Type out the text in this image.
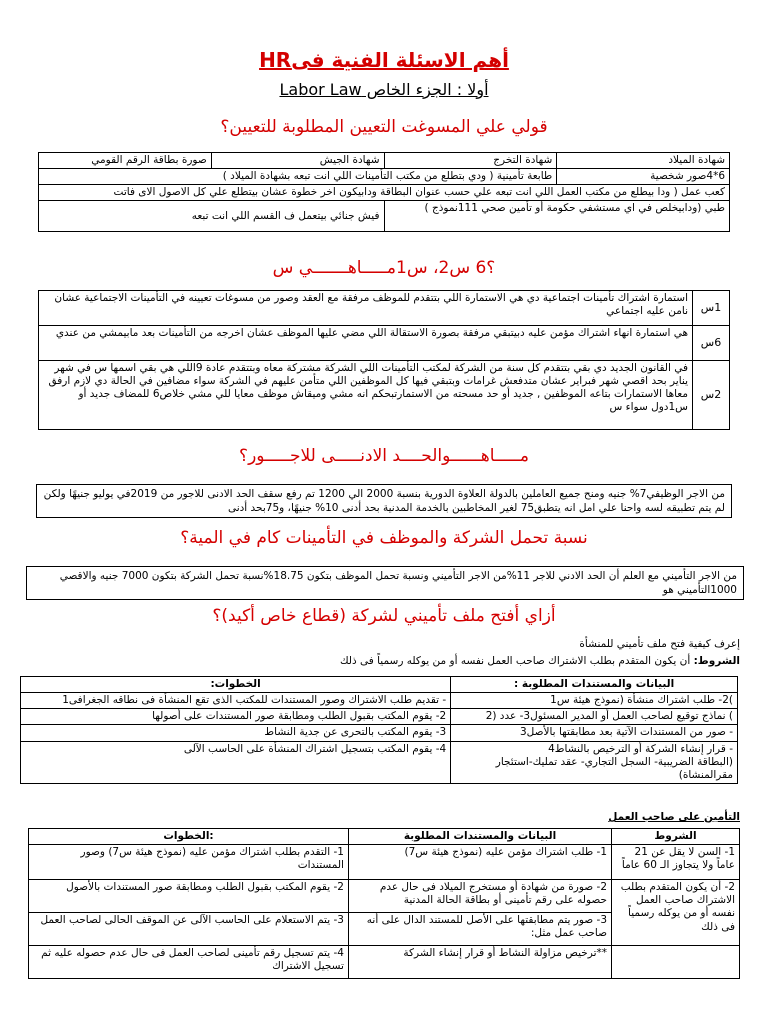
أهم الاسئلة الفنية فىHR
أولا : الجزء الخاص Labor Law
قولي علي المسوغت التعيين المطلوبة للتعيين؟
شهادة الميلاد	شهادة التخرج	شهادة الجيش	صورة بطاقة الرقم القومي
6*4صور شخصية	طابعة تأمينية ( ودي بتطلع من مكتب التأمينات اللي انت تبعه بشهادة الميلاد )		
كعب عمل ( ودا بيطلع من مكتب العمل اللي انت تبعه علي حسب عنوان البطاقة ودابيكون اخر خطوة عشان بيتطلع علي كل الاصول الاى فاتت			
طبي (ودابيخلص في اي مستشفي حكومة أو تأمين صحي 111نموذج )		فيش جنائي بيتعمل ف القسم اللي انت تبعه	
؟6 س2، س1مـــــاهـــــــي س
1س	استمارة اشتراك تأمينات اجتماعية دي هي الاستمارة اللي بتتقدم للموظف مرفقة مع العقد وصور من مسوغات تعيينه في التأمينات الاجتماعية عشان نامن عليه اجتماعي
6س	هي استمارة انهاء اشتراك مؤمن عليه دبيتبقي مرفقة بصورة الاستقالة اللي مضي عليها الموظف عشان اخرجه من التأمينات بعد مابيمشي من عندي
2س	في القانون الجديد دي بقي بتتقدم كل سنة من الشركة لمكتب التأمينات اللي الشركة مشتركة معاه وبتتقدم عادة 9اللي هي بقي اسمها س في شهر يناير بحد اقصي شهر فبراير عشان متدفعش غرامات وبتبقي فيها كل الموظفين اللي متأمن عليهم في الشركة سواء مضافين في الحالة دي لازم ارفق معاها الاستمارات بتاعه الموظفين , جديد أو حد مسحته من الاستمارتبحكم انه مشي وميقاش موظف معايا للي مشي خلاص6 للمضاف جديد أو س1دول سواء س
مـــــاهــــــوالحــــد الادنـــــى للاجـــــور؟
من الاجر الوظيفي7% جنيه ومنح جميع العاملين بالدولة العلاوة الدورية بنسبة 2000 الي 1200 تم رفع سقف الحد الادنى للاجور من 2019في يوليو جنيهًا ولكن لم يتم تطبيقه لسه واحنا علي امل انه يتطبق75 لغير المخاطبين بالخدمة المدنية بحد أدنى 10% جنيهًا، و75بحد أدنى
نسبة تحمل الشركة والموظف في التأمينات كام في المية؟
من الاجر التأميني مع العلم أن الحد الادني للاجر 11%من الاجر التأميني ونسبة تحمل الموظف بتكون 18.75%نسبة تحمل الشركة بتكون 7000 جنيه والاقصي 1000التأميني هو
أزاي أفتح ملف تأميني لشركة (قطاع خاص أكيد)؟
إعرف كيفية فتح ملف تأميني للمنشأة
الشروط: أن يكون المتقدم بطلب الاشتراك صاحب العمل نفسه أو من يوكله رسمياً فى ذلك
البيانات والمستندات المطلوبة :	الخطوات:
)2- طلب اشتراك منشأة (نموذج هيئة س1	- تقديم طلب الاشتراك وصور المستندات للمكتب الذى تقع المنشأة فى نطاقه الجغرافى1
) نماذج توقيع لصاحب العمل أو المدير المسئول3- عدد (2	2- يقوم المكتب بقبول الطلب ومطابقة صور المستندات على أصولها
- صور من المستندات الآتية بعد مطابقتها بالأصل3	3- يقوم المكتب بالتحرى عن جدية النشاط

- قرار إنشاء الشركة أو الترخيص بالنشاط4
(البطاقة الضريبية- السجل التجاري- عقد تمليك-استئجار مقرالمنشاة)	4- يقوم المكتب بتسجيل اشتراك المنشأة على الحاسب الآلى
التأمين على صاحب العمل
الشروط	البيانات والمستندات المطلوبة	:الخطوات
1- السن لا يقل عن 21 عاماً ولا يتجاوز الـ 60 عاماً	1- طلب اشتراك مؤمن عليه (نموذج هيئة س7)	1- التقدم بطلب اشتراك مؤمن عليه (نموذج هيئة س7) وصور المستندات
2- أن يكون المتقدم بطلب الاشتراك صاحب العمل نفسه أو من يوكله رسمياً فى ذلك	2- صورة من شهادة أو مستخرج الميلاد فى حال عدم حصوله على رقم تأمينى أو بطاقة الحالة المدنية	2- يقوم المكتب بقبول الطلب ومطابقة صور المستندات بالأصول
	3- صور يتم مطابقتها على الأصل للمستند الدال على أنه صاحب عمل مثل:	3- يتم الاستعلام على الحاسب الآلى عن الموقف الحالى لصاحب العمل
	**ترخيص مزاولة النشاط أو قرار إنشاء الشركة	4- يتم تسجيل رقم تأمينى لصاحب العمل فى حال عدم حصوله عليه ثم تسجيل الاشتراك
